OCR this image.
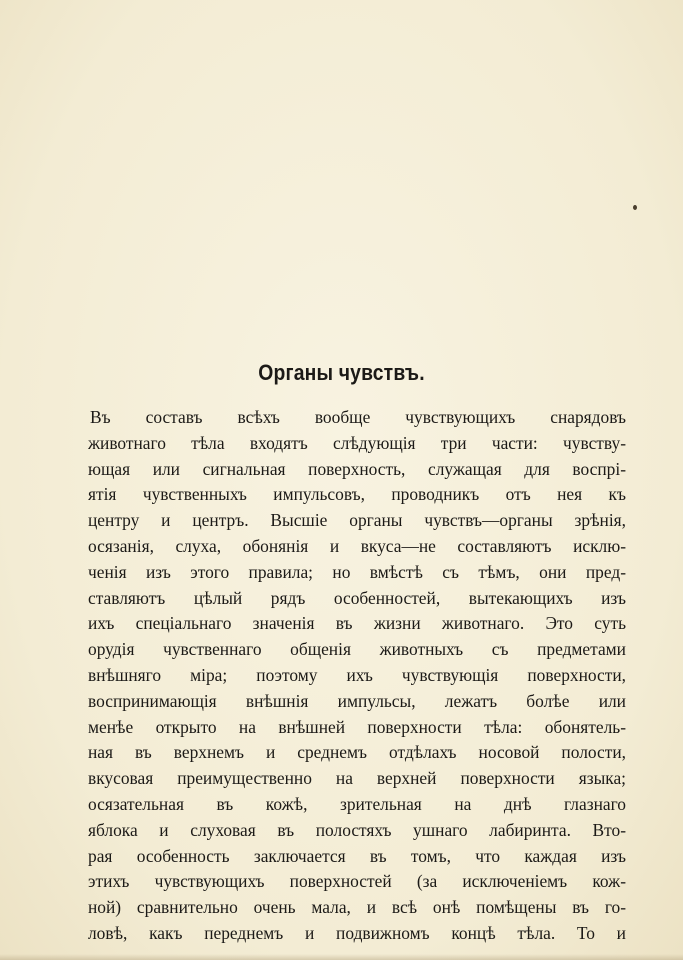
Органы чувствъ.
Въ составъ всѣхъ вообще чувствующихъ снарядовъ
животнаго тѣла входятъ слѣдующія три части: чувству-
ющая или сигнальная поверхность, служащая для воспрі-
ятія чувственныхъ импульсовъ, проводникъ отъ нея къ
центру и центръ. Высшіе органы чувствъ—органы зрѣнія,
осязанія, слуха, обонянія и вкуса—не составляютъ исклю-
ченія изъ этого правила; но вмѣстѣ съ тѣмъ, они пред-
ставляютъ цѣлый рядъ особенностей, вытекающихъ изъ
ихъ спеціальнаго значенія въ жизни животнаго. Это суть
орудія чувственнаго общенія животныхъ съ предметами
внѣшняго міра; поэтому ихъ чувствующія поверхности,
воспринимающія внѣшнія импульсы, лежатъ болѣе или
менѣе открыто на внѣшней поверхности тѣла: обонятель-
ная въ верхнемъ и среднемъ отдѣлахъ носовой полости,
вкусовая преимущественно на верхней поверхности языка;
осязательная въ кожѣ, зрительная на днѣ глазнаго
яблока и слуховая въ полостяхъ ушнаго лабиринта. Вто-
рая особенность заключается въ томъ, что каждая изъ
этихъ чувствующихъ поверхностей (за исключеніемъ кож-
ной) сравнительно очень мала, и всѣ онѣ помѣщены въ го-
ловѣ, какъ переднемъ и подвижномъ концѣ тѣла. То и
